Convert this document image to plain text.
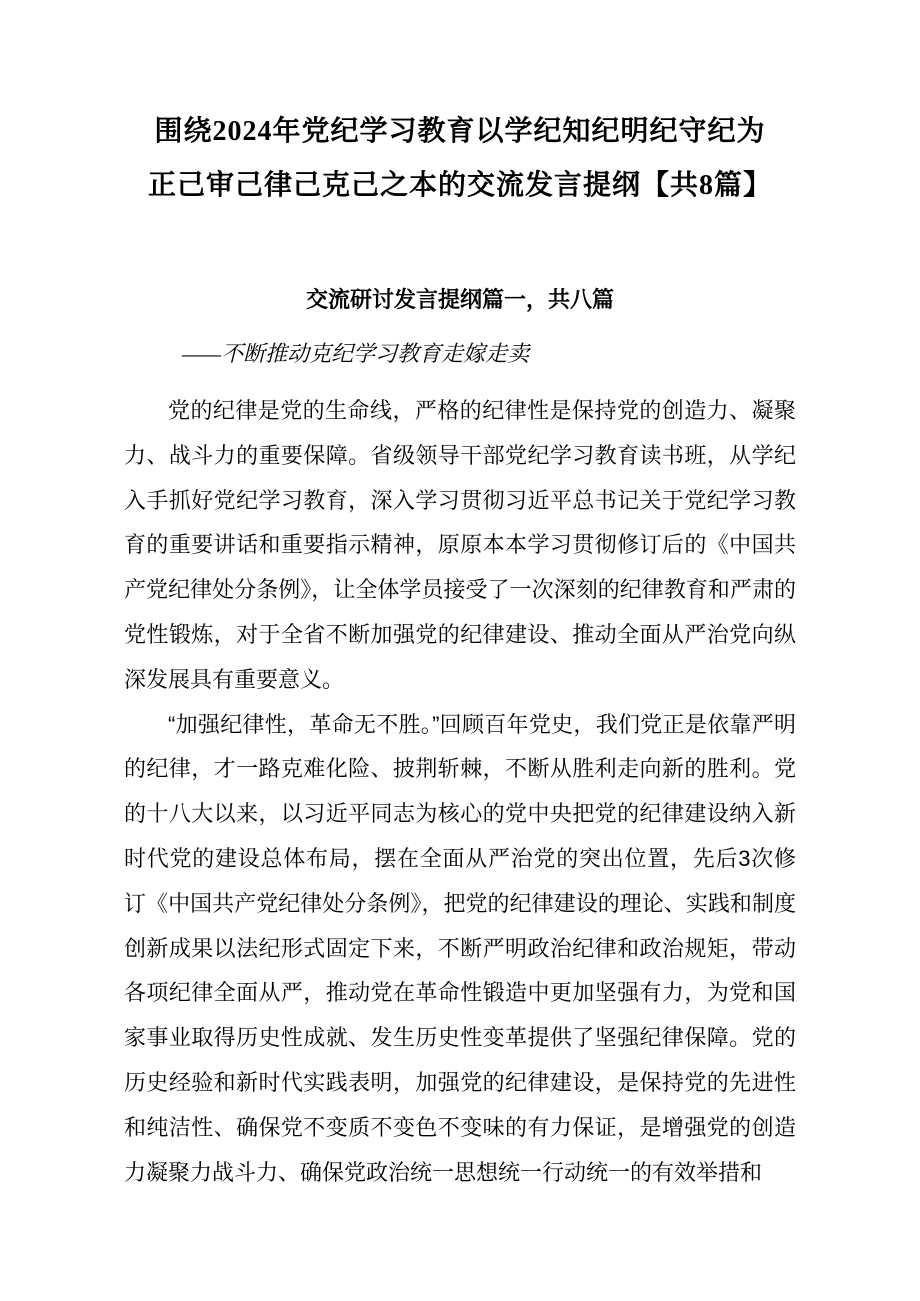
围绕2024年党纪学习教育以学纪知纪明纪守纪为
正己审己律己克己之本的交流发言提纲【共8篇】
交流研讨发言提纲篇一，共八篇

——不断推动克纪学习教育走嫁走卖

党的纪律是党的生命线，严格的纪律性是保持党的创造力、凝聚力、战斗力的重要保障。省级领导干部党纪学习教育读书班，从学纪入手抓好党纪学习教育，深入学习贯彻习近平总书记关于党纪学习教育的重要讲话和重要指示精神，原原本本学习贯彻修订后的《中国共产党纪律处分条例》，让全体学员接受了一次深刻的纪律教育和严肃的党性锻炼，对于全省不断加强党的纪律建设、推动全面从严治党向纵深发展具有重要意义。

“加强纪律性，革命无不胜。”回顾百年党史，我们党正是依靠严明的纪律，才一路克难化险、披荆斩棘，不断从胜利走向新的胜利。党的十八大以来，以习近平同志为核心的党中央把党的纪律建设纳入新时代党的建设总体布局，摆在全面从严治党的突出位置，先后3次修订《中国共产党纪律处分条例》，把党的纪律建设的理论、实践和制度创新成果以法纪形式固定下来，不断严明政治纪律和政治规矩，带动各项纪律全面从严，推动党在革命性锻造中更加坚强有力，为党和国家事业取得历史性成就、发生历史性变革提供了坚强纪律保障。党的历史经验和新时代实践表明，加强党的纪律建设，是保持党的先进性和纯洁性、确保党不变质不变色不变味的有力保证，是增强党的创造力凝聚力战斗力、确保党政治统一思想统一行动统一的有效举措和
